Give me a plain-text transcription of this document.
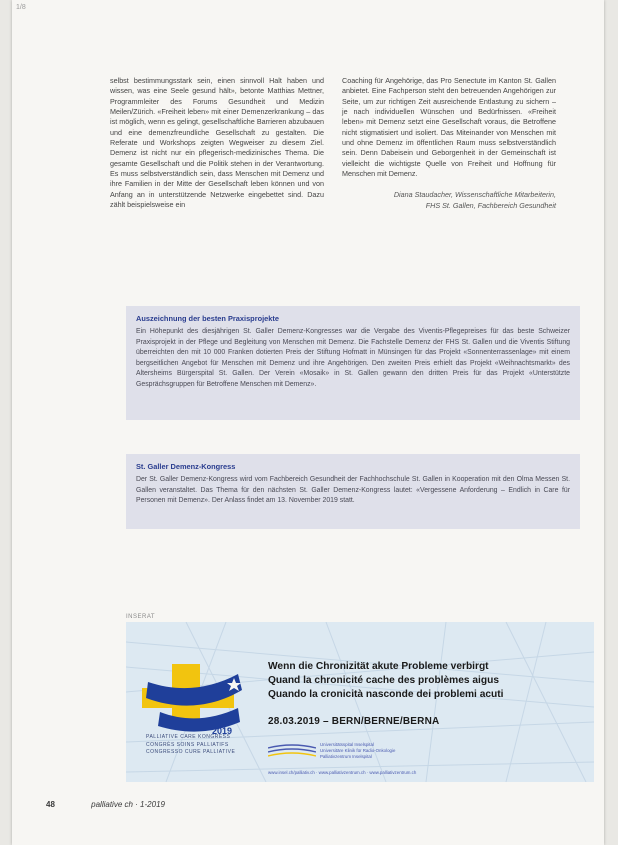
1/8

selbst bestimmungsstark sein, einen sinnvoll Halt haben und wissen, was eine Seele gesund hält», betonte Matthias Mettner, Programmleiter des Forums Gesundheit und Medizin Meilen/Zürich. «Freiheit leben» mit einer Demenzerkrankung – das ist möglich, wenn es gelingt, gesellschaftliche Barrieren abzubauen und eine demenzfreundliche Gesellschaft zu gestalten. Die Referate und Workshops zeigten Wegweiser zu diesem Ziel. Demenz ist nicht nur ein pflegerisch-medizinisches Thema. Die gesamte Gesellschaft und die Politik stehen in der Verantwortung. Es muss selbstverständlich sein, dass Menschen mit Demenz und ihre Familien in der Mitte der Gesellschaft leben können und von Anfang an in unterstützende Netzwerke eingebettet sind. Dazu zählt beispielsweise ein

Coaching für Angehörige, das Pro Senectute im Kanton St. Gallen anbietet. Eine Fachperson steht den betreuenden Angehörigen zur Seite, um zur richtigen Zeit ausreichende Entlastung zu sichern – je nach individuellen Wünschen und Bedürfnissen. «Freiheit leben» mit Demenz setzt eine Gesellschaft voraus, die Betroffene nicht stigmatisiert und isoliert. Das Miteinander von Menschen mit und ohne Demenz im öffentlichen Raum muss selbstverständlich sein. Denn Dabeisein und Geborgenheit in der Gemeinschaft ist vielleicht die wichtigste Quelle von Freiheit und Hoffnung für Menschen mit Demenz.

Diana Staudacher, Wissenschaftliche Mitarbeiterin,
FHS St. Gallen, Fachbereich Gesundheit
Auszeichnung der besten Praxisprojekte

Ein Höhepunkt des diesjährigen St. Galler Demenz-Kongresses war die Vergabe des Viventis-Pflegepreises für das beste Schweizer Praxisprojekt in der Pflege und Begleitung von Menschen mit Demenz. Die Fachstelle Demenz der FHS St. Gallen und die Viventis Stiftung überreichten den mit 10 000 Franken dotierten Preis der Stiftung Hofmatt in Münsingen für das Projekt «Sonnenterrassenlage» mit einem bergseitlichen Angebot für Menschen mit Demenz und ihre Angehörigen. Den zweiten Preis erhielt das Projekt «Weihnachtsmarkt» des Altersheims Bürgerspital St. Gallen. Der Verein «Mosaik» in St. Gallen gewann den dritten Preis für das Projekt «Unterstützte Gesprächsgruppen für Betroffene Menschen mit Demenz».

St. Galler Demenz-Kongress

Der St. Galler Demenz-Kongress wird vom Fachbereich Gesundheit der Fachhochschule St. Gallen in Kooperation mit den Olma Messen St. Gallen veranstaltet. Das Thema für den nächsten St. Galler Demenz-Kongress lautet: «Vergessene Anforderung – Endlich in Care für Personen mit Demenz». Der Anlass findet am 13. November 2019 statt.

INSERAT
2019
PALLIATIVE CARE KONGRESS
CONGRÈS SOINS PALLIATIFS
CONGRESSO CURE PALLIATIVE
Wenn die Chronizität akute Probleme verbirgt
Quand la chronicité cache des problèmes aigus
Quando la cronicità nasconde dei problemi acuti
28.03.2019 – BERN/BERNE/BERNA
Universitätsspital Inselspital
Universitäre Klinik für Radio-Onkologie
Palliativzentrum Inselspital
www.insel.ch/palliativ.ch · www.palliativzentrum.ch · www.palliativzentrum.ch
48	palliative ch · 1-2019
